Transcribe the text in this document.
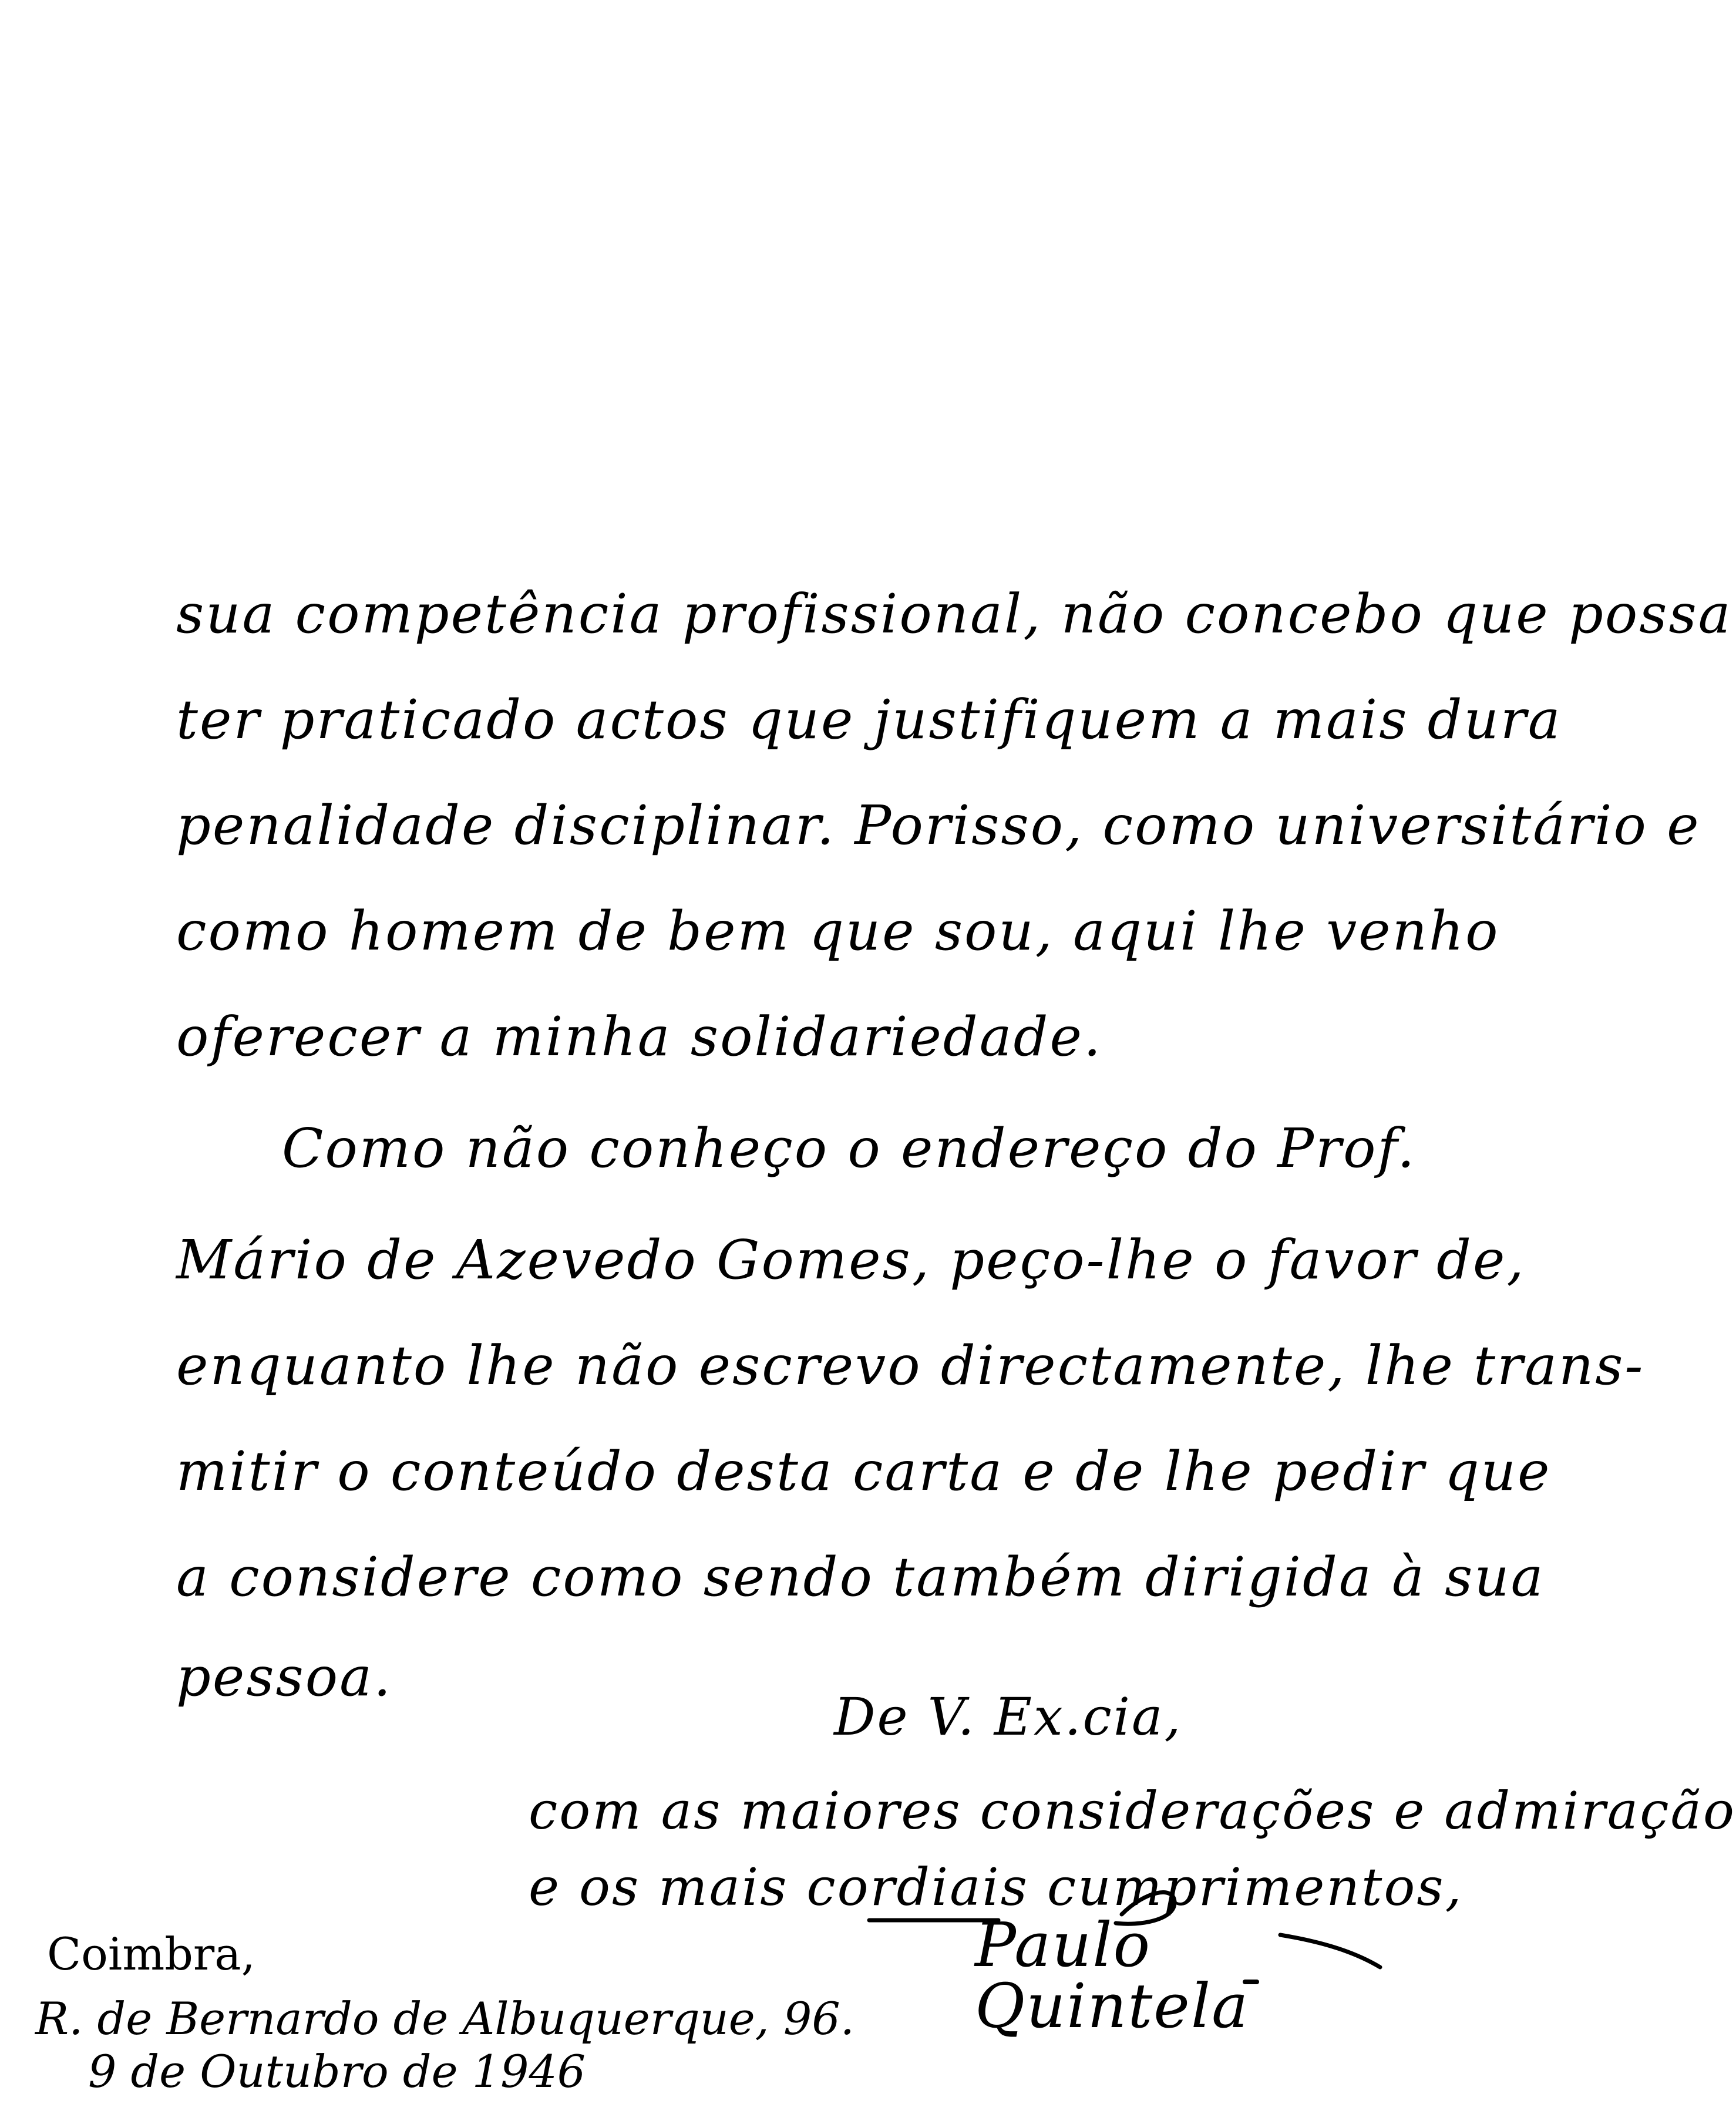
sua competência profissional, não concebo que possa
ter praticado actos que justifiquem a mais dura
penalidade disciplinar. Porisso, como universitário e
como homem de bem que sou, aqui lhe venho
oferecer a minha solidariedade.
Como não conheço o endereço do Prof.
Mário de Azevedo Gomes, peço-lhe o favor de,
enquanto lhe não escrevo directamente, lhe trans-
mitir o conteúdo desta carta e de lhe pedir que
a considere como sendo também dirigida à sua
pessoa.
De V. Ex.cia,
com as maiores considerações e admiração
e os mais cordiais cumprimentos,
Coimbra,
R. de Bernardo de Albuquerque, 96.
9 de Outubro de 1946
Paulo Quintela
